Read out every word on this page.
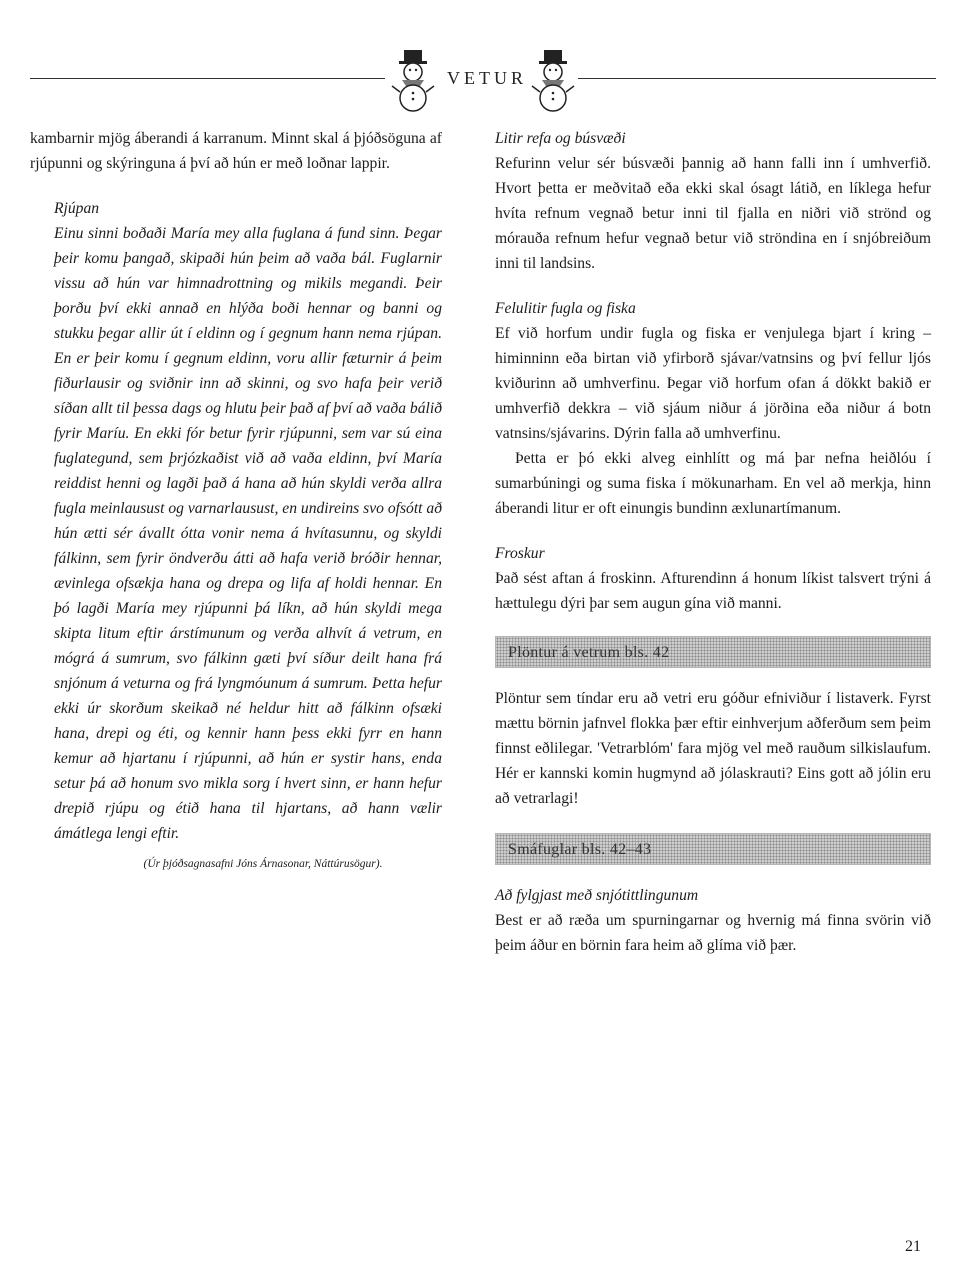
VETUR

kambarnir mjög áberandi á karranum. Minnt skal á þjóðsöguna af rjúpunni og skýringuna á því að hún er með loðnar lappir.

Rjúpan

Einu sinni boðaði María mey alla fuglana á fund sinn. Þegar þeir komu þangað, skipaði hún þeim að vaða bál. Fuglarnir vissu að hún var himnadrottning og mikils megandi. Þeir þorðu því ekki annað en hlýða boði hennar og banni og stukku þegar allir út í eldinn og í gegnum hann nema rjúpan. En er þeir komu í gegnum eldinn, voru allir fæturnir á þeim fiðurlausir og sviðnir inn að skinni, og svo hafa þeir verið síðan allt til þessa dags og hlutu þeir það af því að vaða bálið fyrir Maríu. En ekki fór betur fyrir rjúpunni, sem var sú eina fuglategund, sem þrjózkaðist við að vaða eldinn, því María reiddist henni og lagði það á hana að hún skyldi verða allra fugla meinlausust og varnarlausust, en undireins svo ofsótt að hún ætti sér ávallt ótta vonir nema á hvítasunnu, og skyldi fálkinn, sem fyrir öndverðu átti að hafa verið bróðir hennar, ævinlega ofsækja hana og drepa og lifa af holdi hennar. En þó lagði María mey rjúpunni þá líkn, að hún skyldi mega skipta litum eftir árstímunum og verða alhvít á vetrum, en mógrá á sumrum, svo fálkinn gæti því síður deilt hana frá snjónum á veturna og frá lyngmóunum á sumrum. Þetta hefur ekki úr skorðum skeikað né heldur hitt að fálkinn ofsæki hana, drepi og éti, og kennir hann þess ekki fyrr en hann kemur að hjartanu í rjúpunni, að hún er systir hans, enda setur þá að honum svo mikla sorg í hvert sinn, er hann hefur drepið rjúpu og étið hana til hjartans, að hann vælir ámátlega lengi eftir.

(Úr þjóðsagnasafni Jóns Árnasonar, Náttúrusögur).

Litir refa og búsvæði

Refurinn velur sér búsvæði þannig að hann falli inn í umhverfið. Hvort þetta er meðvitað eða ekki skal ósagt látið, en líklega hefur hvíta refnum vegnað betur inni til fjalla en niðri við strönd og mórauða refnum hefur vegnað betur við ströndina en í snjóbreiðum inni til landsins.

Felulitir fugla og fiska

Ef við horfum undir fugla og fiska er venjulega bjart í kring – himinninn eða birtan við yfirborð sjávar/vatnsins og því fellur ljós kviðurinn að umhverfinu. Þegar við horfum ofan á dökkt bakið er umhverfið dekkra – við sjáum niður á jörðina eða niður á botn vatnsins/sjávarins. Dýrin falla að umhverfinu.

Þetta er þó ekki alveg einhlítt og má þar nefna heiðlóu í sumarbúningi og suma fiska í mökunarham. En vel að merkja, hinn áberandi litur er oft einungis bundinn æxlunartímanum.

Froskur

Það sést aftan á froskinn. Afturendinn á honum líkist talsvert trýni á hættulegu dýri þar sem augun gína við manni.

Plöntur á vetrum bls. 42

Plöntur sem tíndar eru að vetri eru góður efniviður í listaverk. Fyrst mættu börnin jafnvel flokka þær eftir einhverjum aðferðum sem þeim finnst eðlilegar. 'Vetrarblóm' fara mjög vel með rauðum silkislaufum. Hér er kannski komin hugmynd að jólaskrauti? Eins gott að jólin eru að vetrarlagi!

Smáfuglar bls. 42–43

Að fylgjast með snjótittlingunum

Best er að ræða um spurningarnar og hvernig má finna svörin við þeim áður en börnin fara heim að glíma við þær.

21
